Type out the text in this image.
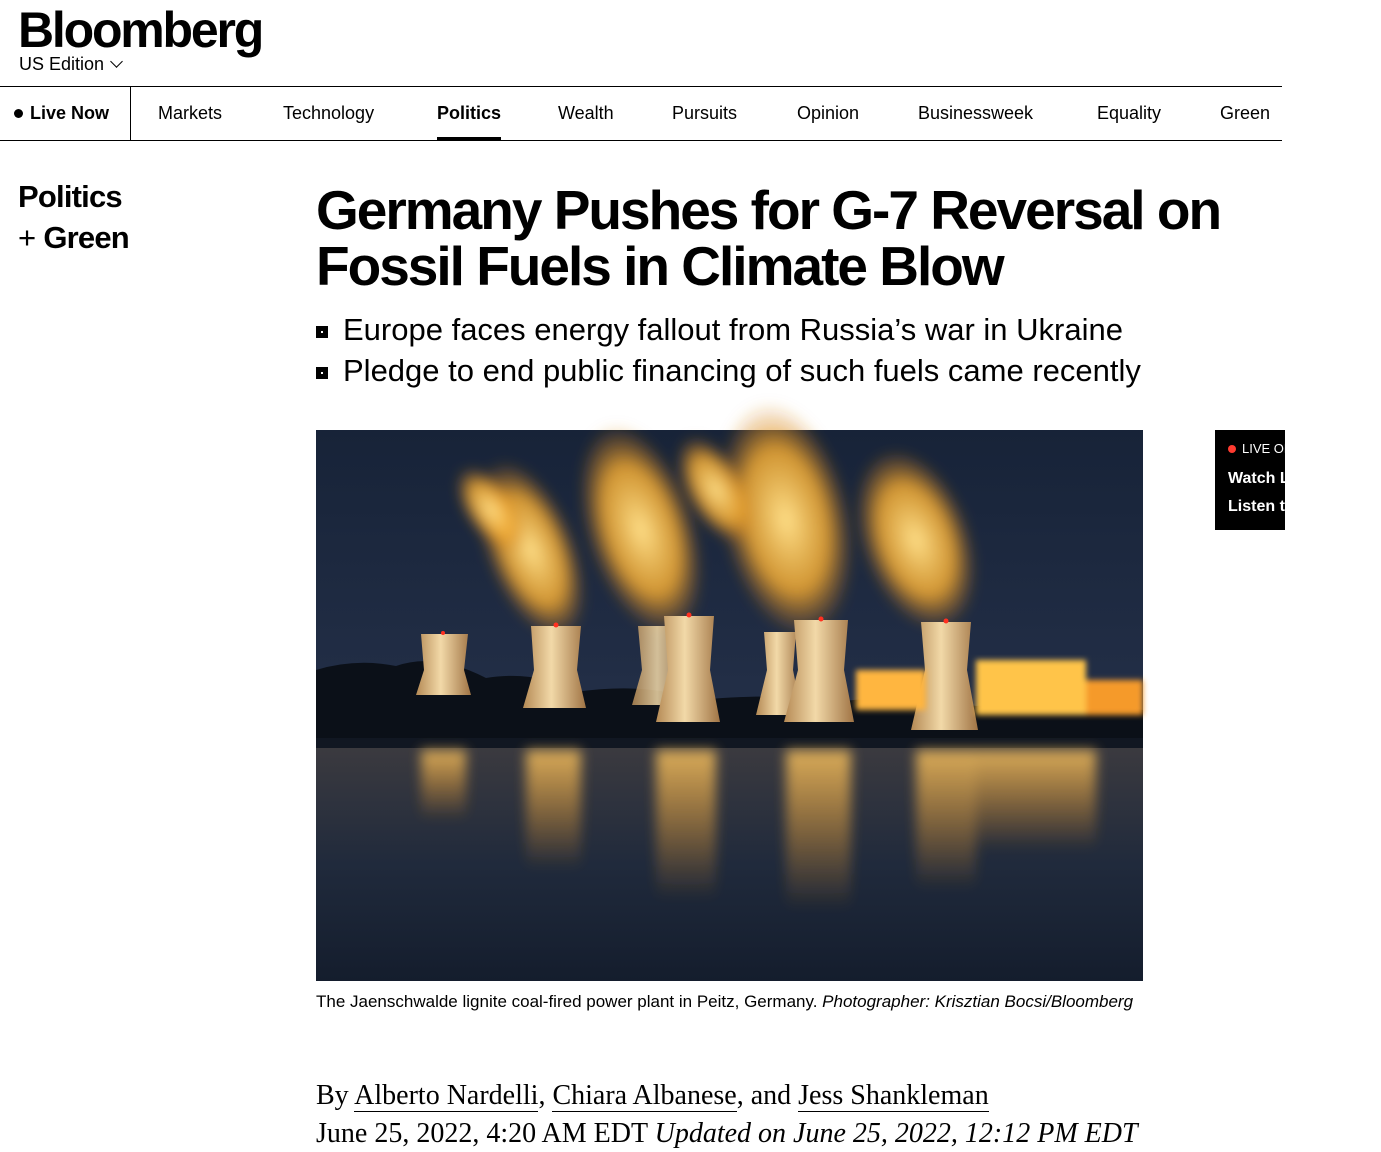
Bloomberg
US Edition
Live Now	Markets	Technology	Politics	Wealth	Pursuits	Opinion	Businessweek	Equality	Green
Politics
+ Green	Germany Pushes for G-7 Reversal on Fossil Fuels in Climate Blow
Europe faces energy fallout from Russia’s war in Ukraine
Pledge to end public financing of such fuels came recently
The Jaenschwalde lignite coal-fired power plant in Peitz, Germany. Photographer: Krisztian Bocsi/Bloomberg
LIVE ON BLOOMBERG
Watch Live TV
Listen to Live Radio
By Alberto Nardelli, Chiara Albanese, and Jess Shankleman
June 25, 2022, 4:20 AM EDT Updated on June 25, 2022, 12:12 PM EDT
